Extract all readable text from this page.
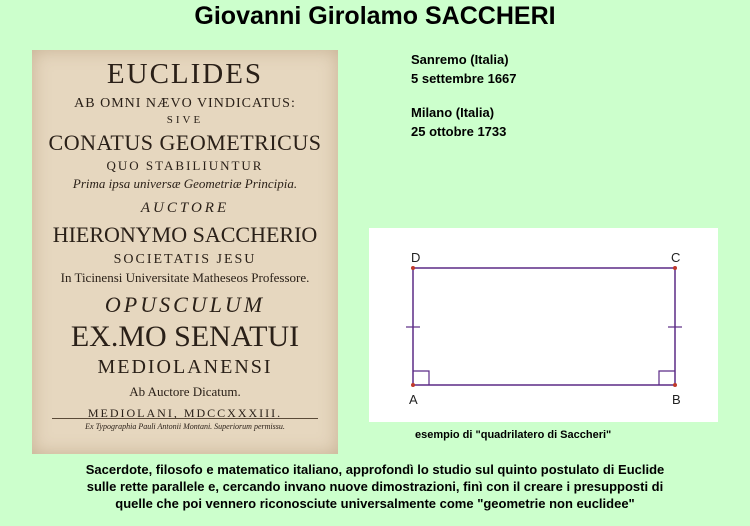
Giovanni Girolamo SACCHERI
EUCLIDES
AB OMNI NÆVO VINDICATUS:
SIVE
CONATUS GEOMETRICUS
QUO STABILIUNTUR
Prima ipsa universæ Geometriæ Principia.
AUCTORE
HIERONYMO SACCHERIO
SOCIETATIS JESU
In Ticinensi Universitate Matheseos Professore.
OPUSCULUM
EX.MO SENATUI
MEDIOLANENSI
Ab Auctore Dicatum.
MEDIOLANI, MDCCXXXIII.
Ex Typographia Pauli Antonii Montani. Superiorum permissu.
Sanremo (Italia)
5 settembre 1667
Milano (Italia)
25 ottobre 1733
D	C
A	B
esempio di "quadrilatero di Saccheri"
Sacerdote, filosofo e matematico italiano, approfondì lo studio sul quinto postulato di Euclide
sulle rette parallele e, cercando invano nuove dimostrazioni, finì con il creare i presupposti di
quelle che poi vennero riconosciute universalmente come "geometrie non euclidee"
